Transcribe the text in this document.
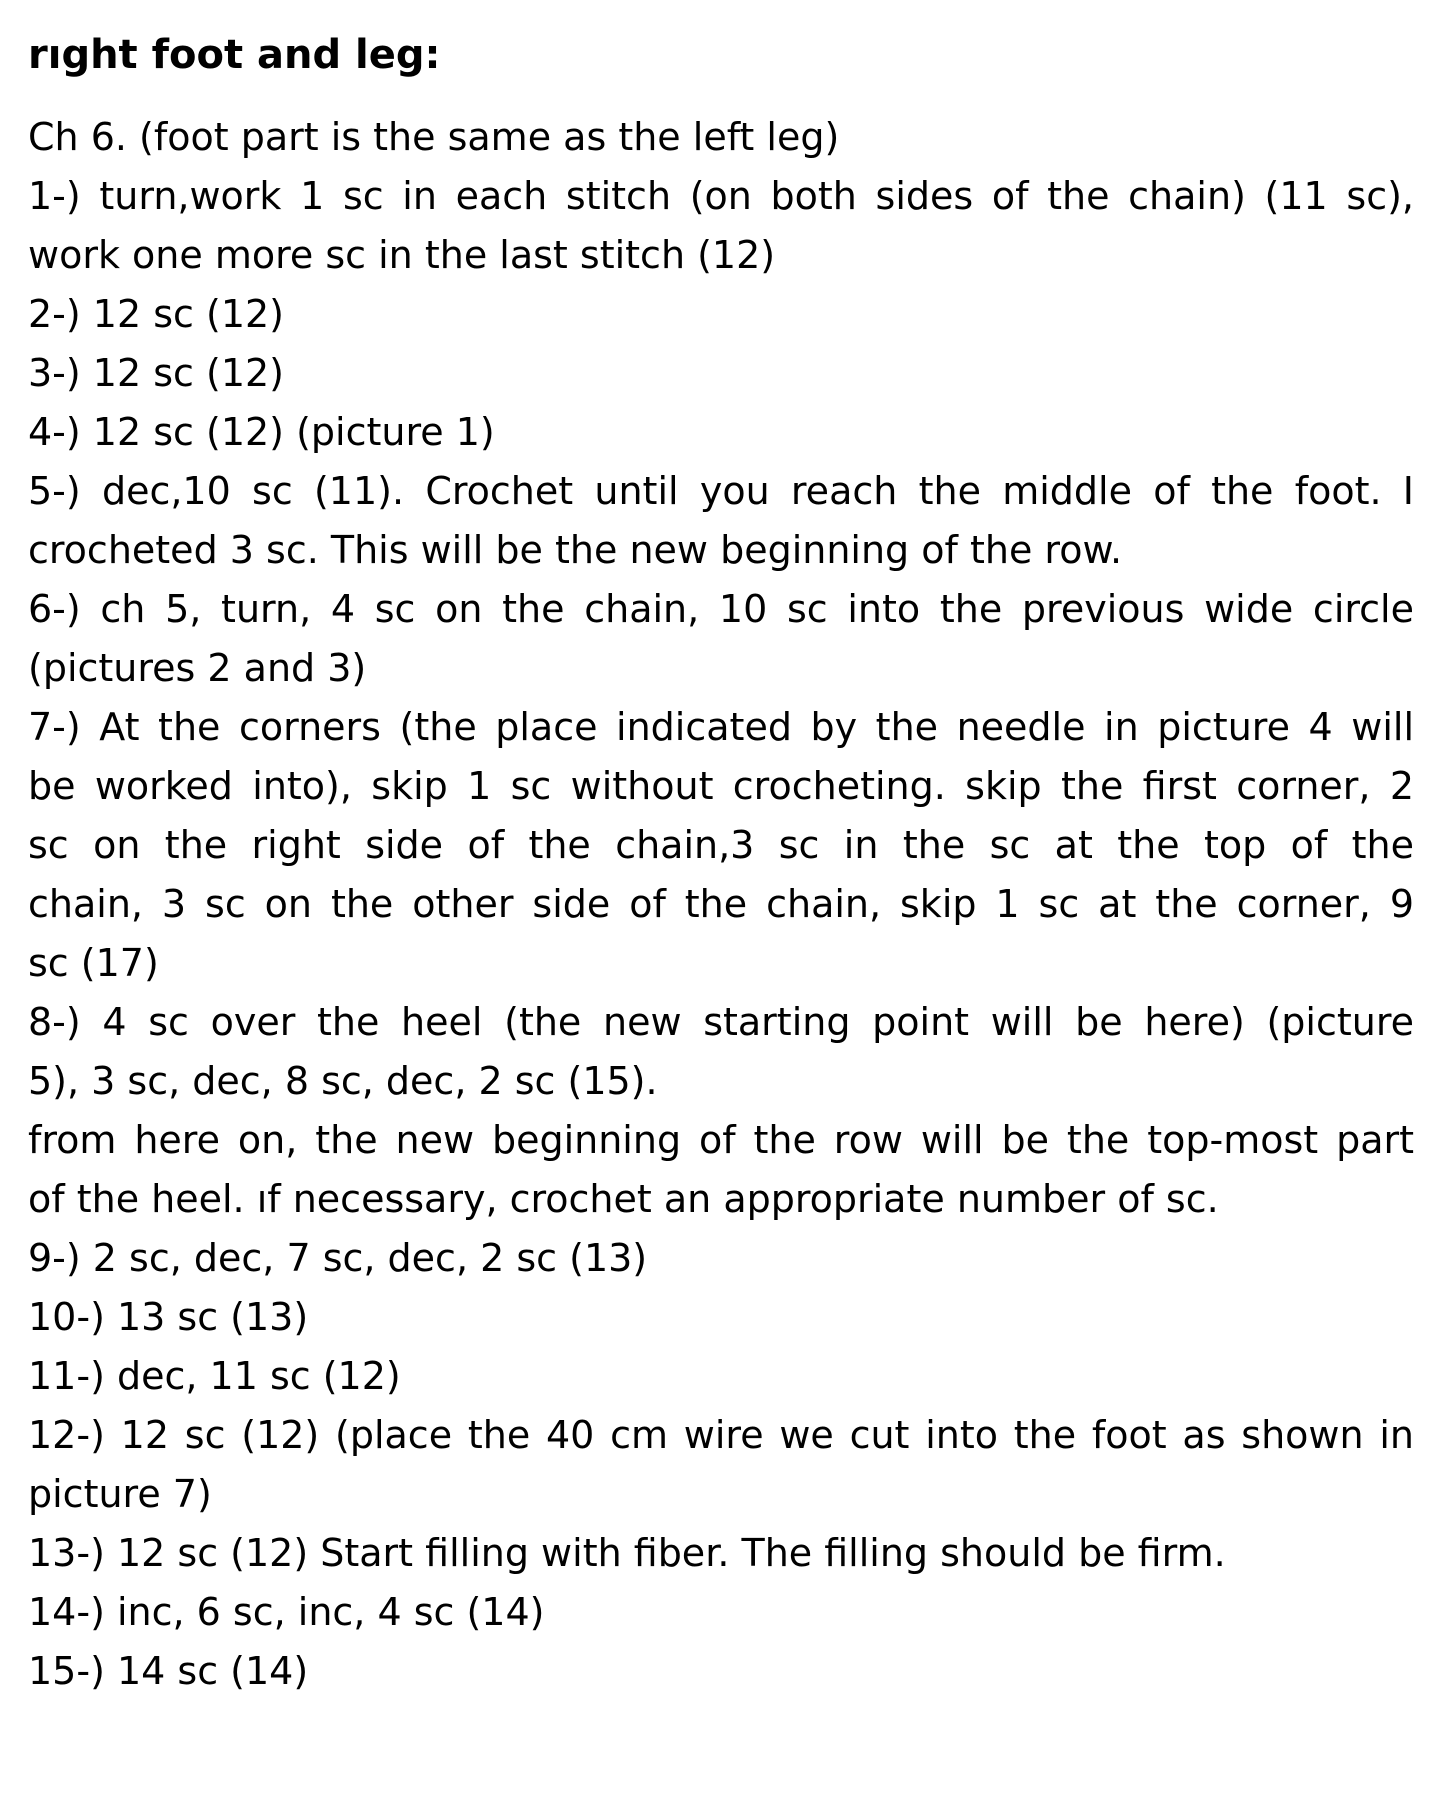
rıght foot and leg:
Ch 6. (foot part is the same as the left leg)
1-) turn,work 1 sc in each stitch (on both sides of the chain) (11 sc),
work one more sc in the last stitch (12)
2-) 12 sc (12)
3-) 12 sc (12)
4-) 12 sc (12) (picture 1)
5-) dec,10 sc (11). Crochet until you reach the middle of the foot. I
crocheted 3 sc. This will be the new beginning of the row.
6-) ch 5, turn, 4 sc on the chain, 10 sc into the previous wide circle
(pictures 2 and 3)
7-) At the corners (the place indicated by the needle in picture 4 will
be worked into), skip 1 sc without crocheting. skip the first corner, 2
sc on the right side of the chain,3 sc in the sc at the top of the
chain, 3 sc on the other side of the chain, skip 1 sc at the corner, 9
sc (17)
8-) 4 sc over the heel (the new starting point will be here) (picture
5), 3 sc, dec, 8 sc, dec, 2 sc (15).
from here on, the new beginning of the row will be the top-most part
of the heel. ıf necessary, crochet an appropriate number of sc.
9-) 2 sc, dec, 7 sc, dec, 2 sc (13)
10-) 13 sc (13)
11-) dec, 11 sc (12)
12-) 12 sc (12) (place the 40 cm wire we cut into the foot as shown in
picture 7)
13-) 12 sc (12) Start filling with fiber. The filling should be firm.
14-) inc, 6 sc, inc, 4 sc (14)
15-) 14 sc (14)
